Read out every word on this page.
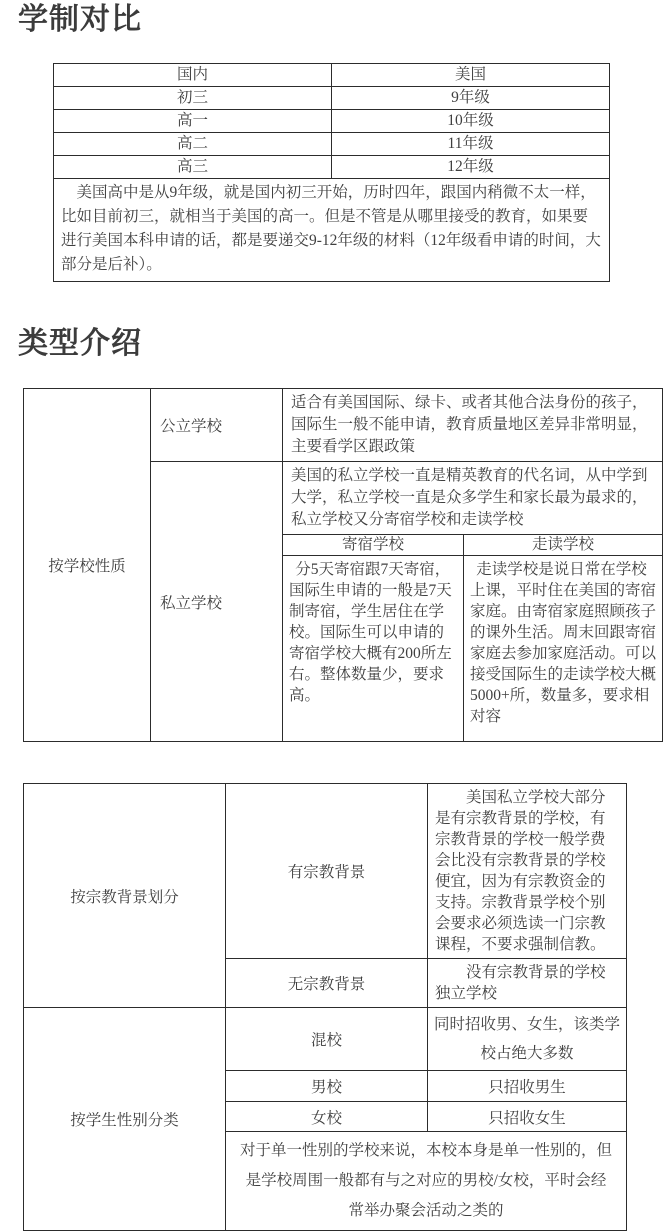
学制对比
国内	美国
初三	9年级
高一	10年级
高二	11年级
高三	12年级
美国高中是从9年级，就是国内初三开始，历时四年，跟国内稍微不太一样，比如目前初三，就相当于美国的高一。但是不管是从哪里接受的教育，如果要进行美国本科申请的话，都是要递交9-12年级的材料（12年级看申请的时间，大部分是后补）。	
类型介绍
按学校性质	公立学校	适合有美国国际、绿卡、或者其他合法身份的孩子，国际生一般不能申请，教育质量地区差异非常明显，主要看学区跟政策	
	私立学校	美国的私立学校一直是精英教育的代名词，从中学到大学，私立学校一直是众多学生和家长最为最求的，私立学校又分寄宿学校和走读学校	
		寄宿学校	走读学校
		分5天寄宿跟7天寄宿，国际生申请的一般是7天制寄宿，学生居住在学校。国际生可以申请的寄宿学校大概有200所左右。整体数量少，要求高。	走读学校是说日常在学校上课，平时住在美国的寄宿家庭。由寄宿家庭照顾孩子的课外生活。周末回跟寄宿家庭去参加家庭活动。可以接受国际生的走读学校大概5000+所，数量多，要求相对容
按宗教背景划分	有宗教背景	美国私立学校大部分是有宗教背景的学校，有宗教背景的学校一般学费会比没有宗教背景的学校便宜，因为有宗教资金的支持。宗教背景学校个别会要求必须选读一门宗教课程，不要求强制信教。
	无宗教背景	没有宗教背景的学校独立学校
按学生性别分类	混校	同时招收男、女生，该类学校占绝大多数
	男校	只招收男生
	女校	只招收女生
	对于单一性别的学校来说，本校本身是单一性别的，但是学校周围一般都有与之对应的男校/女校，平时会经常举办聚会活动之类的	
